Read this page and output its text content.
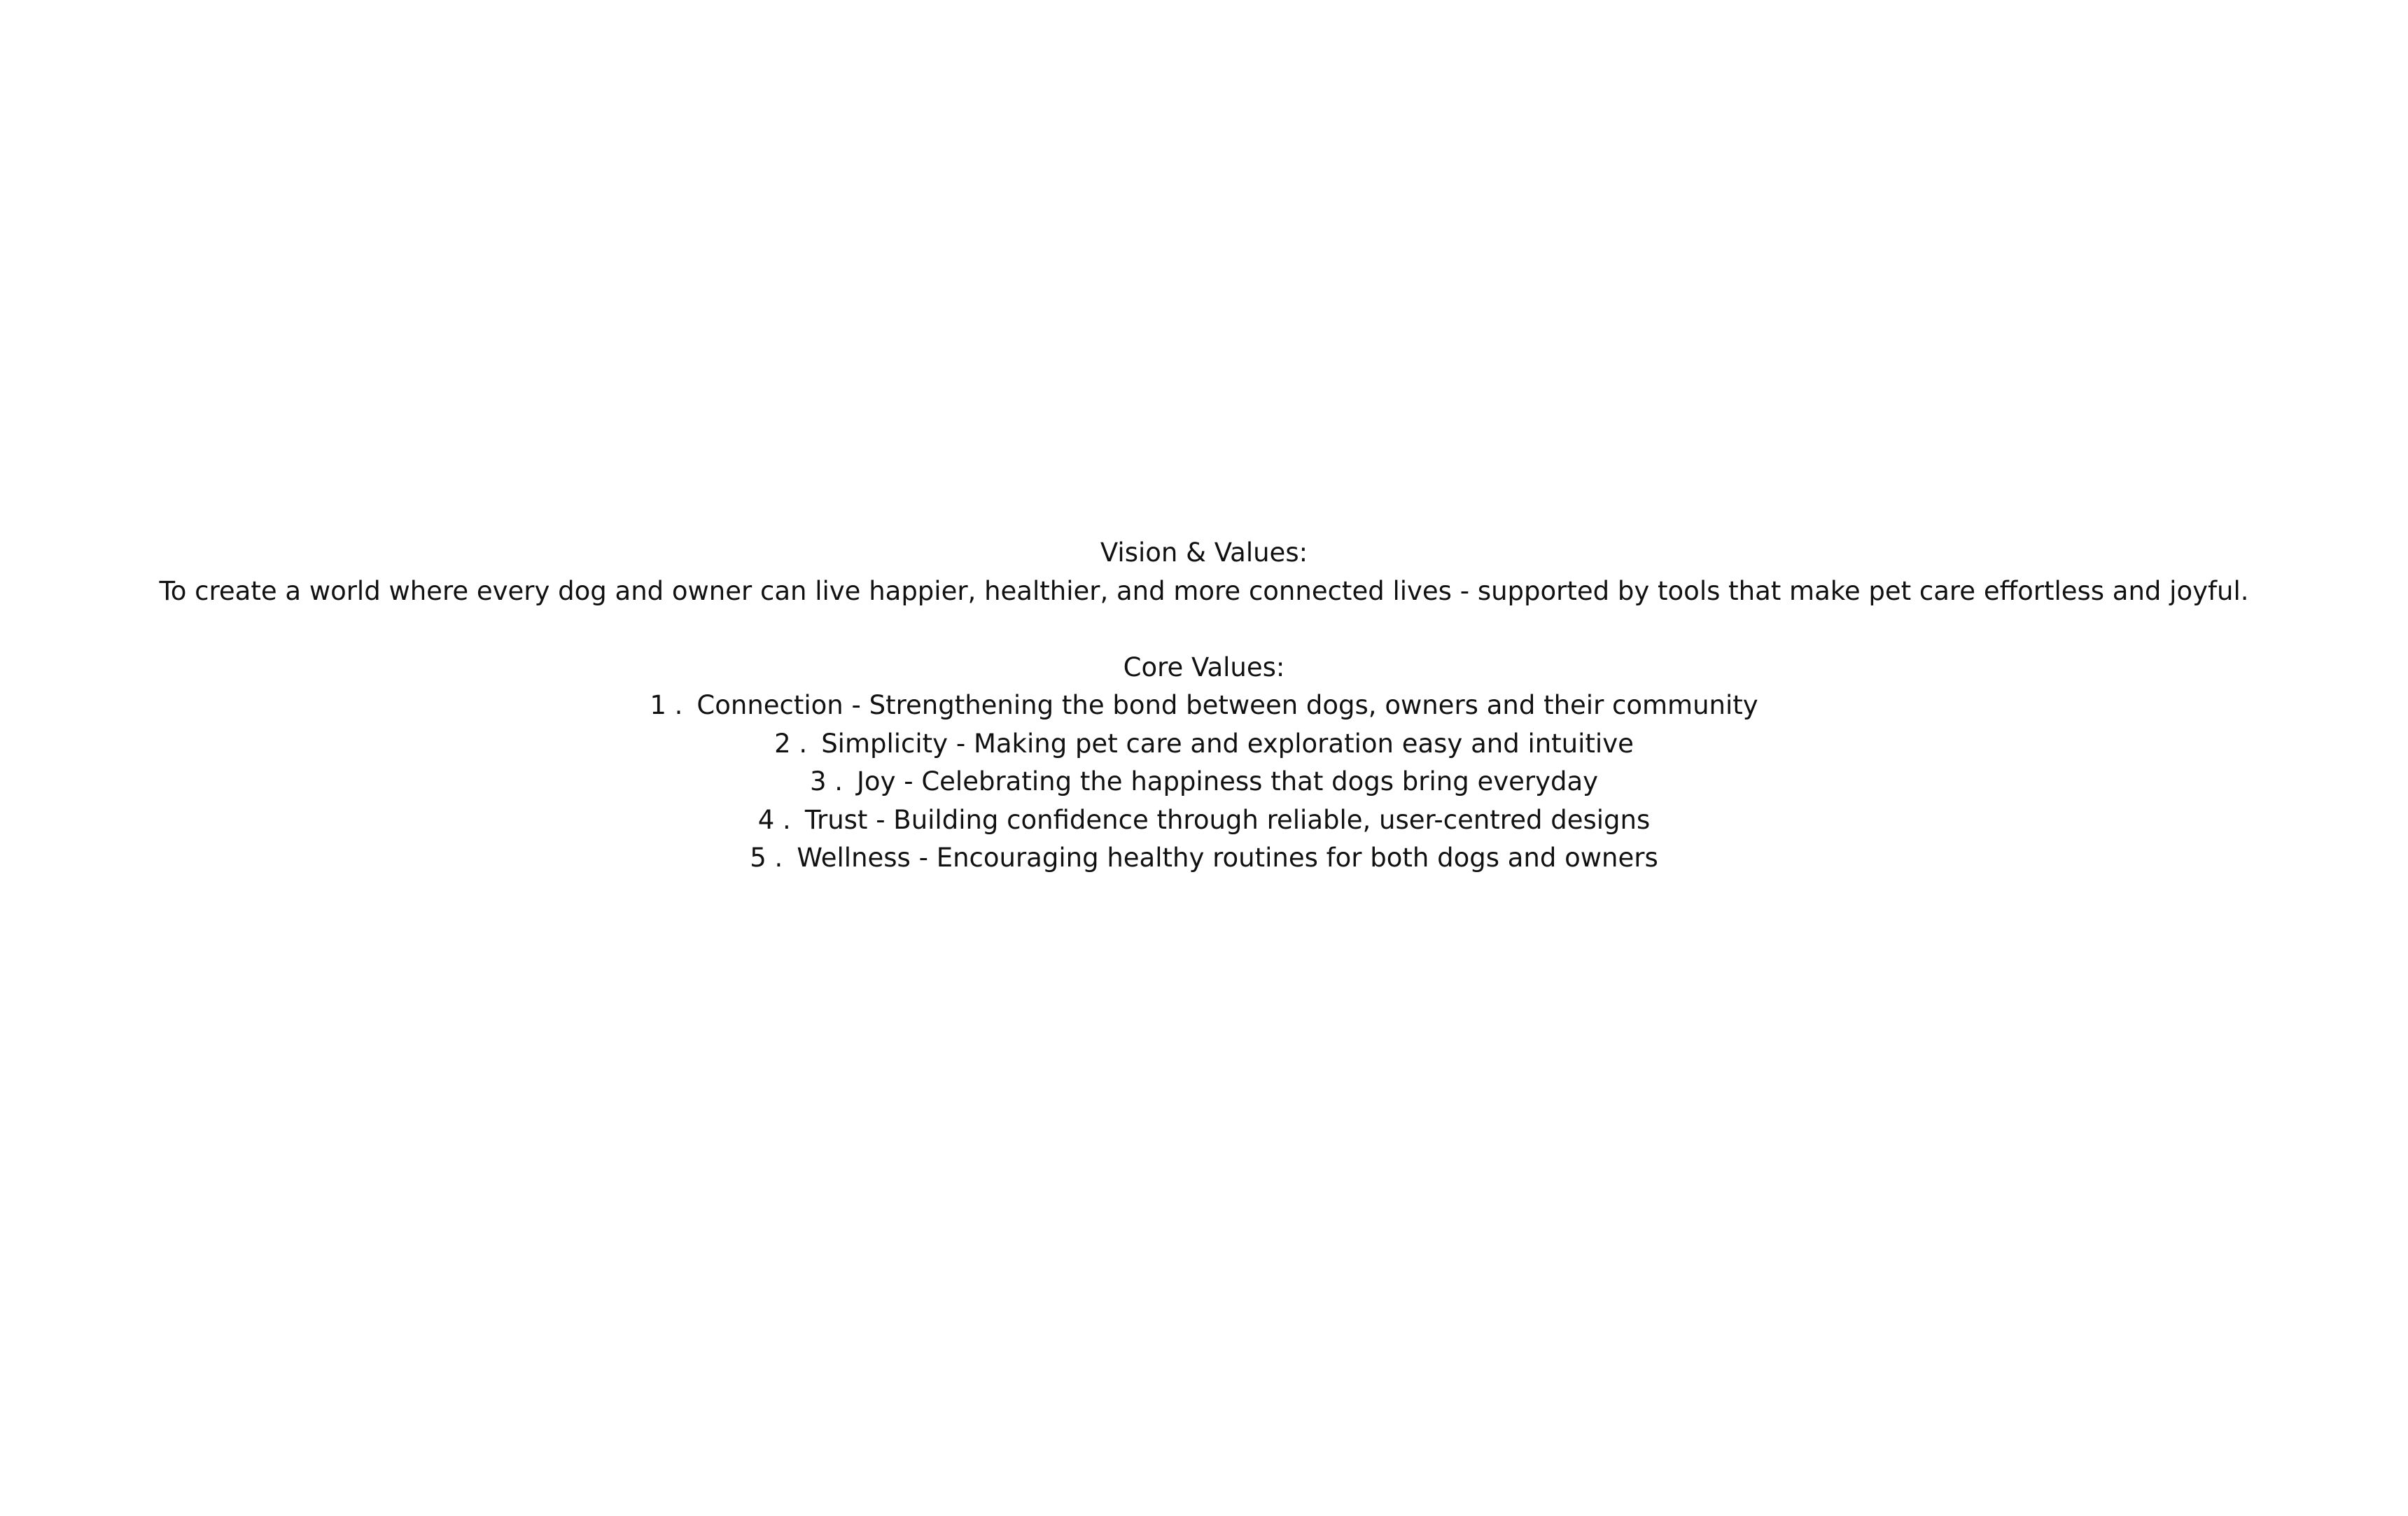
Vision & Values:
To create a world where every dog and owner can live happier, healthier, and more connected lives - supported by tools that make pet care effortless and joyful.
Core Values:
1 . Connection - Strengthening the bond between dogs, owners and their community
2 . Simplicity - Making pet care and exploration easy and intuitive
3 . Joy - Celebrating the happiness that dogs bring everyday
4 . Trust - Building confidence through reliable, user-centred designs
5 . Wellness - Encouraging healthy routines for both dogs and owners
